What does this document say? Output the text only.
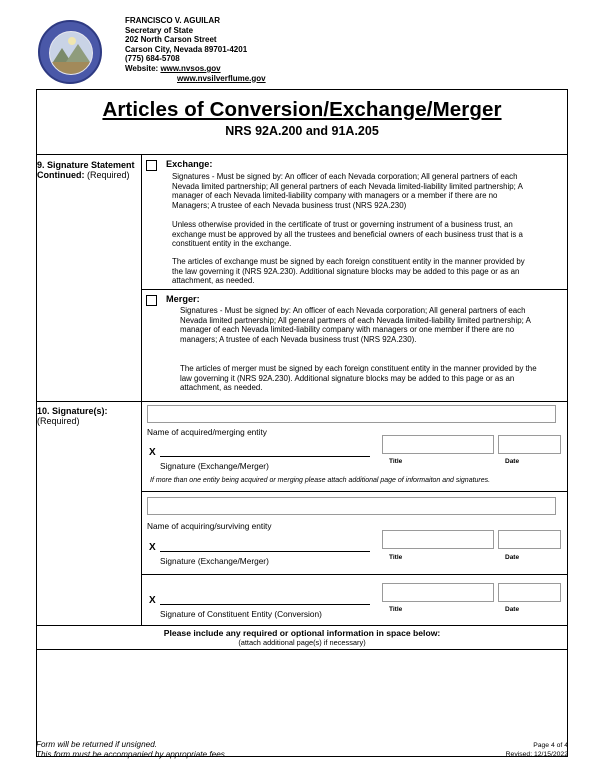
FRANCISCO V. AGUILAR
Secretary of State
202 North Carson Street
Carson City, Nevada 89701-4201
(775) 684-5708
Website: www.nvsos.gov
www.nvsilverflume.gov
Articles of Conversion/Exchange/Merger
NRS 92A.200 and 91A.205
9. Signature Statement Continued: (Required)
Exchange:
Signatures - Must be signed by: An officer of each Nevada corporation; All general partners of each Nevada limited partnership; All general partners of each Nevada limited-liability limited partnership; A manager of each Nevada limited-liability company with managers or a member if there are no Managers; A trustee of each Nevada business trust (NRS 92A.230)
Unless otherwise provided in the certificate of trust or governing instrument of a business trust, an exchange must be approved by all the trustees and beneficial owners of each business trust that is a constituent entity in the exchange.
The articles of exchange must be signed by each foreign constituent entity in the manner provided by the law governing it (NRS 92A.230). Additional signature blocks may be added to this page or as an attachment, as needed.
Merger:
Signatures - Must be signed by: An officer of each Nevada corporation; All general partners of each Nevada limited partnership; All general partners of each Nevada limited-liability limited partnership; A manager of each Nevada limited-liability company with managers or one member if there are no managers; A trustee of each Nevada business trust (NRS 92A.230).
The articles of merger must be signed by each foreign constituent entity in the manner provided by the law governing it (NRS 92A.230). Additional signature blocks may be added to this page or as an attachment, as needed.
10. Signature(s):
(Required)
Name of acquired/merging entity
X
Signature (Exchange/Merger)	Title	Date
If more than one entity being acquired or merging please attach additional page of informaiton and signatures.
Name of acquiring/surviving entity
X
Signature (Exchange/Merger)	Title	Date
X
Signature of Constituent Entity (Conversion)	Title	Date
Please include any required or optional information in space below:
(attach additional page(s) if necessary)
Form will be returned if unsigned.
This form must be accompanied by appropriate fees.
Page 4 of 4
Revised: 12/15/2022
